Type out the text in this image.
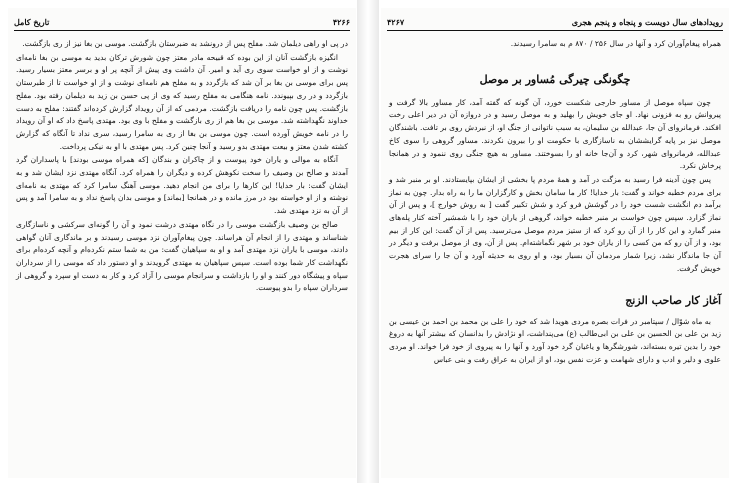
تاريخ كامل	۴۲۶۶

در پى او راهى ديلمان شد. مفلح پس از درونشد به ضبرستان بازگشت. موسى بن بغا نيز از رى بازگشت.

انگيزه بازگشت آنان از اين بوده كه قبيحه مادر معتز چون شورش تركان بديد به موسى بن بغا نامه‌اى نوشت و از او خواست سوى رى آيد و امير. آن داشت وى پيش از آنچه پر او و برسر معتز بسيار رسيد. پس براى موسى بن بغا بر آن شد كه بازگردد و به مفلح هم نامه‌اى نوشت و از او خواست تا از طبرستان بازگردد و در رى بپيوندد. نامه هنگامى به مفلح رسيد كه وى از پى حسن بن زيد به ديلمان رفته بود. مفلح بازگشت. پس چون نامه را دريافت بازگشت. مردمى كه از آن رويداد گزارش كرده‌اند گفتند: مفلح به دست خداوند نگهداشته شد. موسى بن بغا هم از رى بازگشت و مفلح با وى بود. مهتدى پاسخ داد كه او آن رويداد را در نامه خويش آورده است. چون موسى بن بغا از رى به سامرا رسيد، سرى نداد تا آنگاه كه گزارش كشته شدن معتز و بيعت مهتدى بدو رسيد و آنجا چنين كرد. پس مهتدى با او به نيكى پرداخت.

آنگاه به موالى و ياران خود پيوست و از چاكران و بندگان [كه همراه موسى بودند] با پاسداران گرد آمدند و صالح بن وصيف را سخت نكوهش كرده و ديگران را همراه كرد. آنگاه مهتدى نزد ايشان شد و به ايشان گفت: بار خدايا! اين كارها را براى من انجام دهيد. موسى آهنگ سامرا كرد كه مهتدى به نامه‌اى نوشته و از او خواسته بود در مرز مانده و در همانجا [بماند] و موسى بدان پاسخ نداد و به سامرا آمد و پس از آن به نزد مهتدى شد.

صالح بن وصيف بازگشت موسى را در نگاه مهتدى درشت نمود و آن را گونه‌اى سركشى و ناسازگارى شناساند و مهتدى را از انجام آن هراساند. چون پيغام‌آوران نزد موسى رسيدند و بر ماندگارى آنان گواهى دادند، موسى با ياران نزد مهتدى آمد و او به سپاهيان گفت: من به شما ستم نكرده‌ام و آنچه كرده‌ام براى نگهداشت كار شما بوده است. سپس سپاهيان به مهتدى گرويدند و او دستور داد كه موسى را از سرداران سپاه و پيشگاه دور كنند و او را بازداشت و سرانجام موسى را آزاد كرد و كار به دست او سپرد و گروهى از سرداران سپاه را بدو پيوست.

۴۲۶۷	رويدادهاى سال دويست و پنجاه و پنجم هجرى

همراه پيغام‌آوران كرد و آنها در سال ۲۵۶ / ۸۷۰ م به سامرا رسيدند.

چگونگى چيرگى مُساور بر موصل

چون سپاه موصل از مساور خارجى شكست خورد، آن گونه كه گفته آمد، كار مساور بالا گرفت و پيروانش رو به فزونى نهاد. او جاى خويش را بهليد و به موصل رسيد و در دروازه آن در دير اعلى رخت افكند. فرمانرواى آن جا، عبدالله بن سليمان، به سبب ناتوانى از جنگ او، از نبردش روى بر تافت. باشندگان موصل نيز بر پايه گرايششان به ناسازگارى با حكومت او را بيرون نكردند. مساور گروهى را سوى كاخ عبدالله، فرمانرواى شهر، كرد و آن‌جا خانه او را بسوختند. مساور به هيچ جنگى روى ننمود و در همانجا پرخاش نكرد.

پس چون آدينه فرا رسيد به مزگت در آمد و همهٔ مردم پا بخشى از ايشان بپايستادند. او بر منبر شد و براى مردم خطبه خواند و گفت: بار خدايا! كار ما سامان بخش و كارگزاران ما را به راه بدار. چون به نماز برآمد دم انگشت شست خود را در گوشش فرو كرد و شش تكبير گفت [ به روش خوارج ]، و پس از آن نماز گزارد. سپس چون خواست بر منبر خطبه خواند، گروهى از ياران خود را با شمشير آخته كنار پله‌هاى منبر گمارد و اين كار را از آن رو كرد كه از ستيز مردم موصل مى‌ترسيد. پس از آن گفت: اين كار از بيم بود، و از آن رو كه من كسى را از ياران خود بر شهر نگماشته‌ام. پس از آن، وى از موصل برفت و ديگر در آن جا ماندگار نشد، زيرا شمار مردمان آن بسيار بود، و او روى به حديثه آورد و آن جا را سراى هجرت خويش گرفت.

آغاز كار صاحب الزنج

به ماه شوّال / سپتامبر در فرات بصره مردى هويدا شد كه خود را على بن محمد بن احمد بن عيسى بن زيد بن على بن الحسين بن على بن ابى‌طالب (ع) مى‌پنداشت، او نژادش را بدانسان كه بيشتر آنها به دروغ خود را بدين تيره بسته‌اند، شورشگرها و ياغيان گرد خود آورد و آنها را به پيروى از خود فرا خواند. او مردى علوى و دلير و ادب و داراى شهامت و عزت نفس بود، او از ايران به عراق رفت و بنى عباس
